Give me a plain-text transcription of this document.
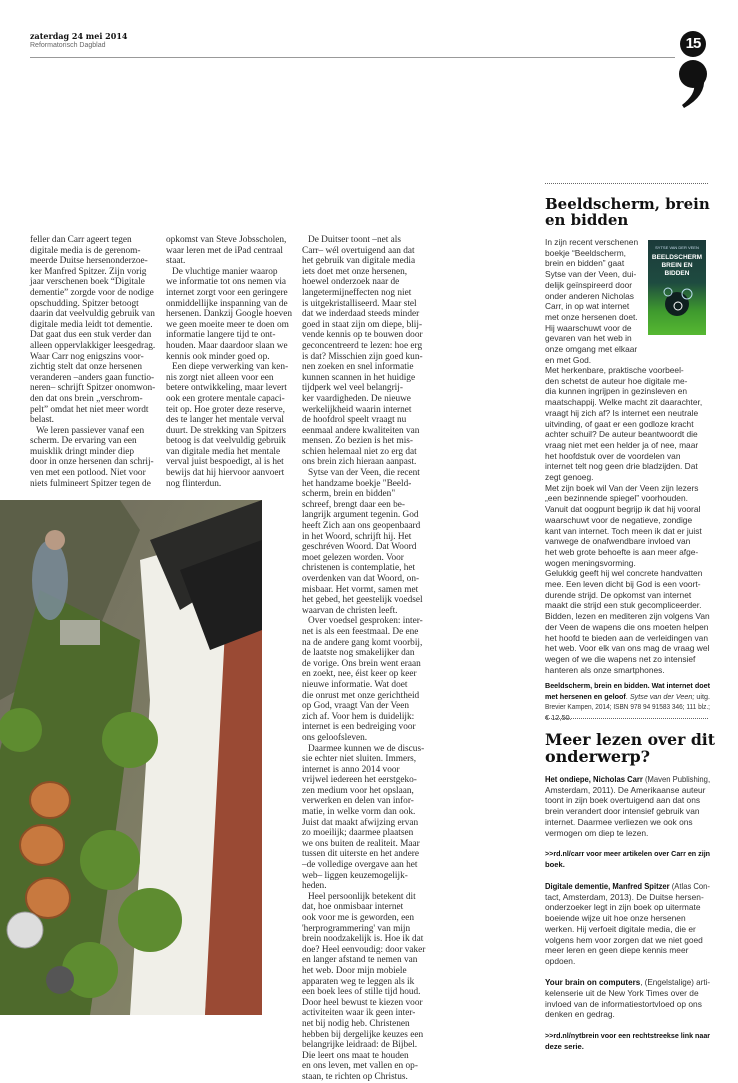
zaterdag 24 mei 2014
Reformatorisch Dagblad	15
feller dan Carr ageert tegen
digitale media is de gerenom-
meerde Duitse hersenonderzoe-
ker Manfred Spitzer. Zijn vorig
jaar verschenen boek “Digitale
dementie” zorgde voor de nodige
opschudding. Spitzer betoogt
daarin dat veelvuldig gebruik van
digitale media leidt tot dementie.
Dat gaat dus een stuk verder dan
alleen oppervlakkiger leesgedrag.
Waar Carr nog enigszins voor-
zichtig stelt dat onze hersenen
veranderen –anders gaan functio-
neren– schrijft Spitzer onomwon-
den dat ons brein „verschrom-
pelt” omdat het niet meer wordt
belast.
We leren passiever vanaf een
scherm. De ervaring van een
muisklik dringt minder diep
door in onze hersenen dan schrij-
ven met een potlood. Niet voor
niets fulmineert Spitzer tegen de
opkomst van Steve Jobsscholen,
waar leren met de iPad centraal
staat.
De vluchtige manier waarop
we informatie tot ons nemen via
internet zorgt voor een geringere
onmiddellijke inspanning van de
hersenen. Dankzij Google hoeven
we geen moeite meer te doen om
informatie langere tijd te ont-
houden. Maar daardoor slaan we
kennis ook minder goed op.
Een diepe verwerking van ken-
nis zorgt niet alleen voor een
betere ontwikkeling, maar levert
ook een grotere mentale capaci-
teit op. Hoe groter deze reserve,
des te langer het mentale verval
duurt. De strekking van Spitzers
betoog is dat veelvuldig gebruik
van digitale media het mentale
verval juist bespoedigt, al is het
bewijs dat hij hiervoor aanvoert
nog flinterdun.
De Duitser toont –net als
Carr– wél overtuigend aan dat
het gebruik van digitale media
iets doet met onze hersenen,
hoewel onderzoek naar de
langetermijneffecten nog niet
is uitgekristalliseerd. Maar stel
dat we inderdaad steeds minder
goed in staat zijn om diepe, blij-
vende kennis op te bouwen door
geconcentreerd te lezen: hoe erg
is dat? Misschien zijn goed kun-
nen zoeken en snel informatie
kunnen scannen in het huidige
tijdperk wel veel belangrij-
ker vaardigheden. De nieuwe
werkelijkheid waarin internet
de hoofdrol speelt vraagt nu
eenmaal andere kwaliteiten van
mensen. Zo bezien is het mis-
schien helemaal niet zo erg dat
ons brein zich hieraan aanpast.
Sytse van der Veen, die recent
het handzame boekje "Beeld-
scherm, brein en bidden"
schreef, brengt daar een be-
langrijk argument tegenin. God
heeft Zich aan ons geopenbaard
in het Woord, schrijft hij. Het
geschréven Woord. Dat Woord
moet gelezen worden. Voor
christenen is contemplatie, het
overdenken van dat Woord, on-
misbaar. Het vormt, samen met
het gebed, het geestelijk voedsel
waarvan de christen leeft.
Over voedsel gesproken: inter-
net is als een feestmaal. De ene
na de andere gang komt voorbij,
de laatste nog smakelijker dan
de vorige. Ons brein went eraan
en zoekt, nee, éist keer op keer
nieuwe informatie. Wat doet
die onrust met onze gerichtheid
op God, vraagt Van der Veen
zich af. Voor hem is duidelijk:
internet is een bedreiging voor
ons geloofsleven.
Daarmee kunnen we de discus-
sie echter niet sluiten. Immers,
internet is anno 2014 voor
vrijwel iedereen het eerstgeko-
zen medium voor het opslaan,
verwerken en delen van infor-
matie, in welke vorm dan ook.
Juist dat maakt afwijzing ervan
zo moeilijk; daarmee plaatsen
we ons buiten de realiteit. Maar
tussen dit uiterste en het andere
–de volledige overgave aan het
web– liggen keuzemogelijk-
heden.
Heel persoonlijk betekent dit
dat, hoe onmisbaar internet
ook voor me is geworden, een
'herprogrammering' van mijn
brein noodzakelijk is. Hoe ik dat
doe? Heel eenvoudig: door vaker
en langer afstand te nemen van
het web. Door mijn mobiele
apparaten weg te leggen als ik
een boek lees of stille tijd houd.
Door heel bewust te kiezen voor
activiteiten waar ik geen inter-
net bij nodig heb. Christenen
hebben bij dergelijke keuzes een
belangrijke leidraad: de Bijbel.
Die leert ons maat te houden
en ons leven, met vallen en op-
staan, te richten op Christus.
Beeldscherm, brein
en bidden
SYTSE VAN DER VEEN
BEELDSCHERM BREIN EN BIDDEN
In zijn recent verschenen
boekje “Beeldscherm,
brein en bidden” gaat
Sytse van der Veen, dui-
delijk geïnspireerd door
onder anderen Nicholas
Carr, in op wat internet
met onze hersenen doet.
Hij waarschuwt voor de
gevaren van het web in
onze omgang met elkaar
en met God.
Met herkenbare, praktische voorbeel-
den schetst de auteur hoe digitale me-
dia kunnen ingrijpen in gezinsleven en
maatschappij. Welke macht zit daarachter,
vraagt hij zich af? Is internet een neutrale
uitvinding, of gaat er een godloze kracht
achter schuil? De auteur beantwoordt die
vraag niet met een helder ja of nee, maar
het hoofdstuk over de voordelen van
internet telt nog geen drie bladzijden. Dat
zegt genoeg.
Met zijn boek wil Van der Veen zijn lezers
„een bezinnende spiegel” voorhouden.
Vanuit dat oogpunt begrijp ik dat hij vooral
waarschuwt voor de negatieve, zondige
kant van internet. Toch meen ik dat er juist
vanwege de onafwendbare invloed van
het web grote behoefte is aan meer afge-
wogen meningsvorming.
Gelukkig geeft hij wel concrete handvatten
mee. Een leven dicht bij God is een voort-
durende strijd. De opkomst van internet
maakt die strijd een stuk gecompliceerder.
Bidden, lezen en mediteren zijn volgens Van
der Veen de wapens die ons moeten helpen
het hoofd te bieden aan de verleidingen van
het web. Voor elk van ons mag de vraag wel
wegen of we die wapens net zo intensief
hanteren als onze smartphones.
Beeldscherm, brein en bidden. Wat internet doet
met hersenen en geloof. Sytse van der Veen; uitg.
Brevier Kampen, 2014; ISBN 978 94 91583 346; 111 blz.;
€ 12,50.
Meer lezen over dit
onderwerp?
Het ondiepe, Nicholas Carr (Maven Publishing,
Amsterdam, 2011). De Amerikaanse auteur
toont in zijn boek overtuigend aan dat ons
brein verandert door intensief gebruik van
internet. Daarmee verliezen we ook ons
vermogen om diep te lezen.
>>rd.nl/carr voor meer artikelen over Carr en zijn
boek.
Digitale dementie, Manfred Spitzer (Atlas Con-
tact, Amsterdam, 2013). De Duitse hersen-
onderzoeker legt in zijn boek op uitermate
boeiende wijze uit hoe onze hersenen
werken. Hij verfoeit digitale media, die er
volgens hem voor zorgen dat we niet goed
meer leren en geen diepe kennis meer
opdoen.
Your brain on computers, (Engelstalige) arti-
kelenserie uit de New York Times over de
invloed van de informatiestortvloed op ons
denken en gedrag.
>>rd.nl/nytbrein voor een rechtstreekse link naar
deze serie.
